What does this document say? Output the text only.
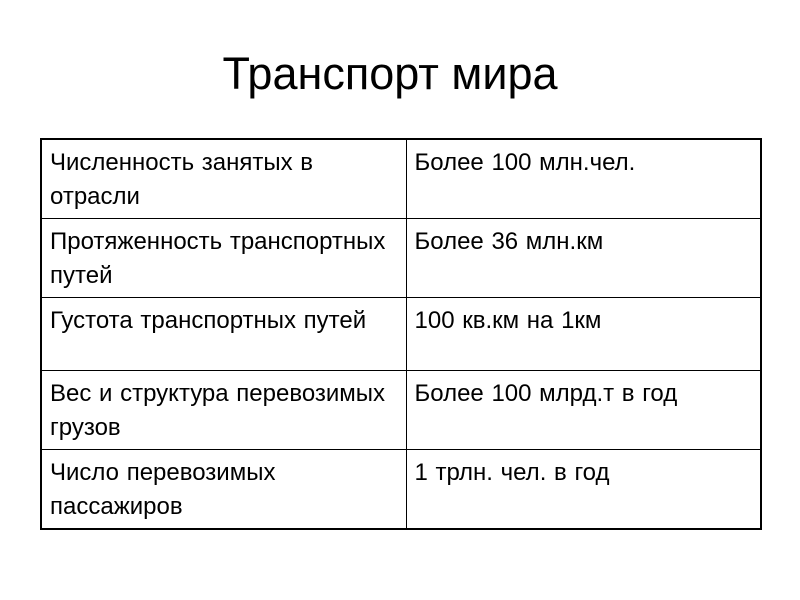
Транспорт мира
Численность занятых в отрасли	Более 100 млн.чел.
Протяженность транспортных путей	Более 36 млн.км
Густота транспортных путей	100 кв.км на 1км
Вес и структура перевозимых грузов	Более 100 млрд.т в год
Число перевозимых пассажиров	1 трлн. чел. в год
